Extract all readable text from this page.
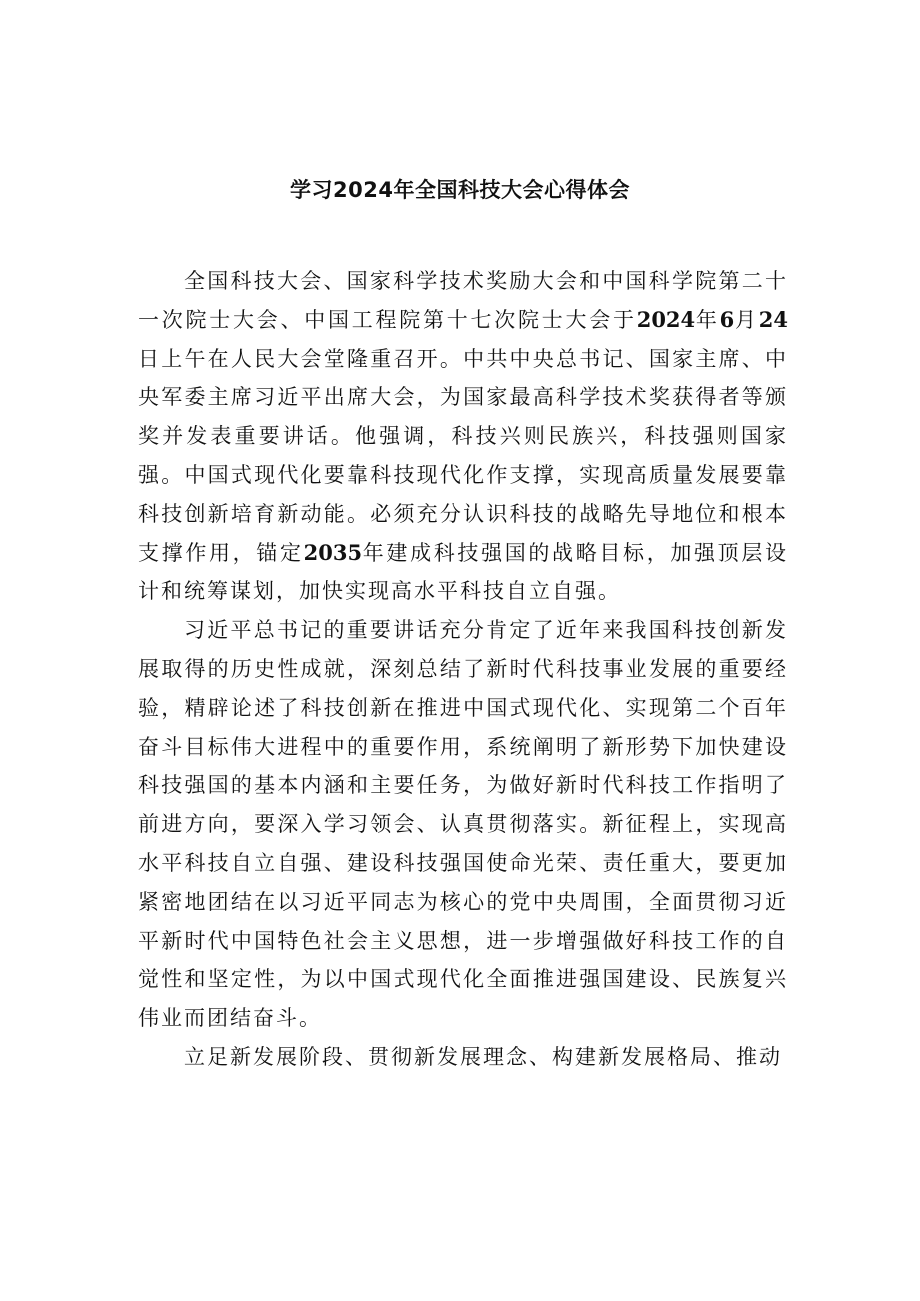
学习2024年全国科技大会心得体会

全国科技大会、国家科学技术奖励大会和中国科学院第二十一次院士大会、中国工程院第十七次院士大会于2024年6月24日上午在人民大会堂隆重召开。中共中央总书记、国家主席、中央军委主席习近平出席大会，为国家最高科学技术奖获得者等颁奖并发表重要讲话。他强调，科技兴则民族兴，科技强则国家强。中国式现代化要靠科技现代化作支撑，实现高质量发展要靠科技创新培育新动能。必须充分认识科技的战略先导地位和根本支撑作用，锚定2035年建成科技强国的战略目标，加强顶层设计和统筹谋划，加快实现高水平科技自立自强。

习近平总书记的重要讲话充分肯定了近年来我国科技创新发展取得的历史性成就，深刻总结了新时代科技事业发展的重要经验，精辟论述了科技创新在推进中国式现代化、实现第二个百年奋斗目标伟大进程中的重要作用，系统阐明了新形势下加快建设科技强国的基本内涵和主要任务，为做好新时代科技工作指明了前进方向，要深入学习领会、认真贯彻落实。新征程上，实现高水平科技自立自强、建设科技强国使命光荣、责任重大，要更加紧密地团结在以习近平同志为核心的党中央周围，全面贯彻习近平新时代中国特色社会主义思想，进一步增强做好科技工作的自觉性和坚定性，为以中国式现代化全面推进强国建设、民族复兴伟业而团结奋斗。

立足新发展阶段、贯彻新发展理念、构建新发展格局、推动
